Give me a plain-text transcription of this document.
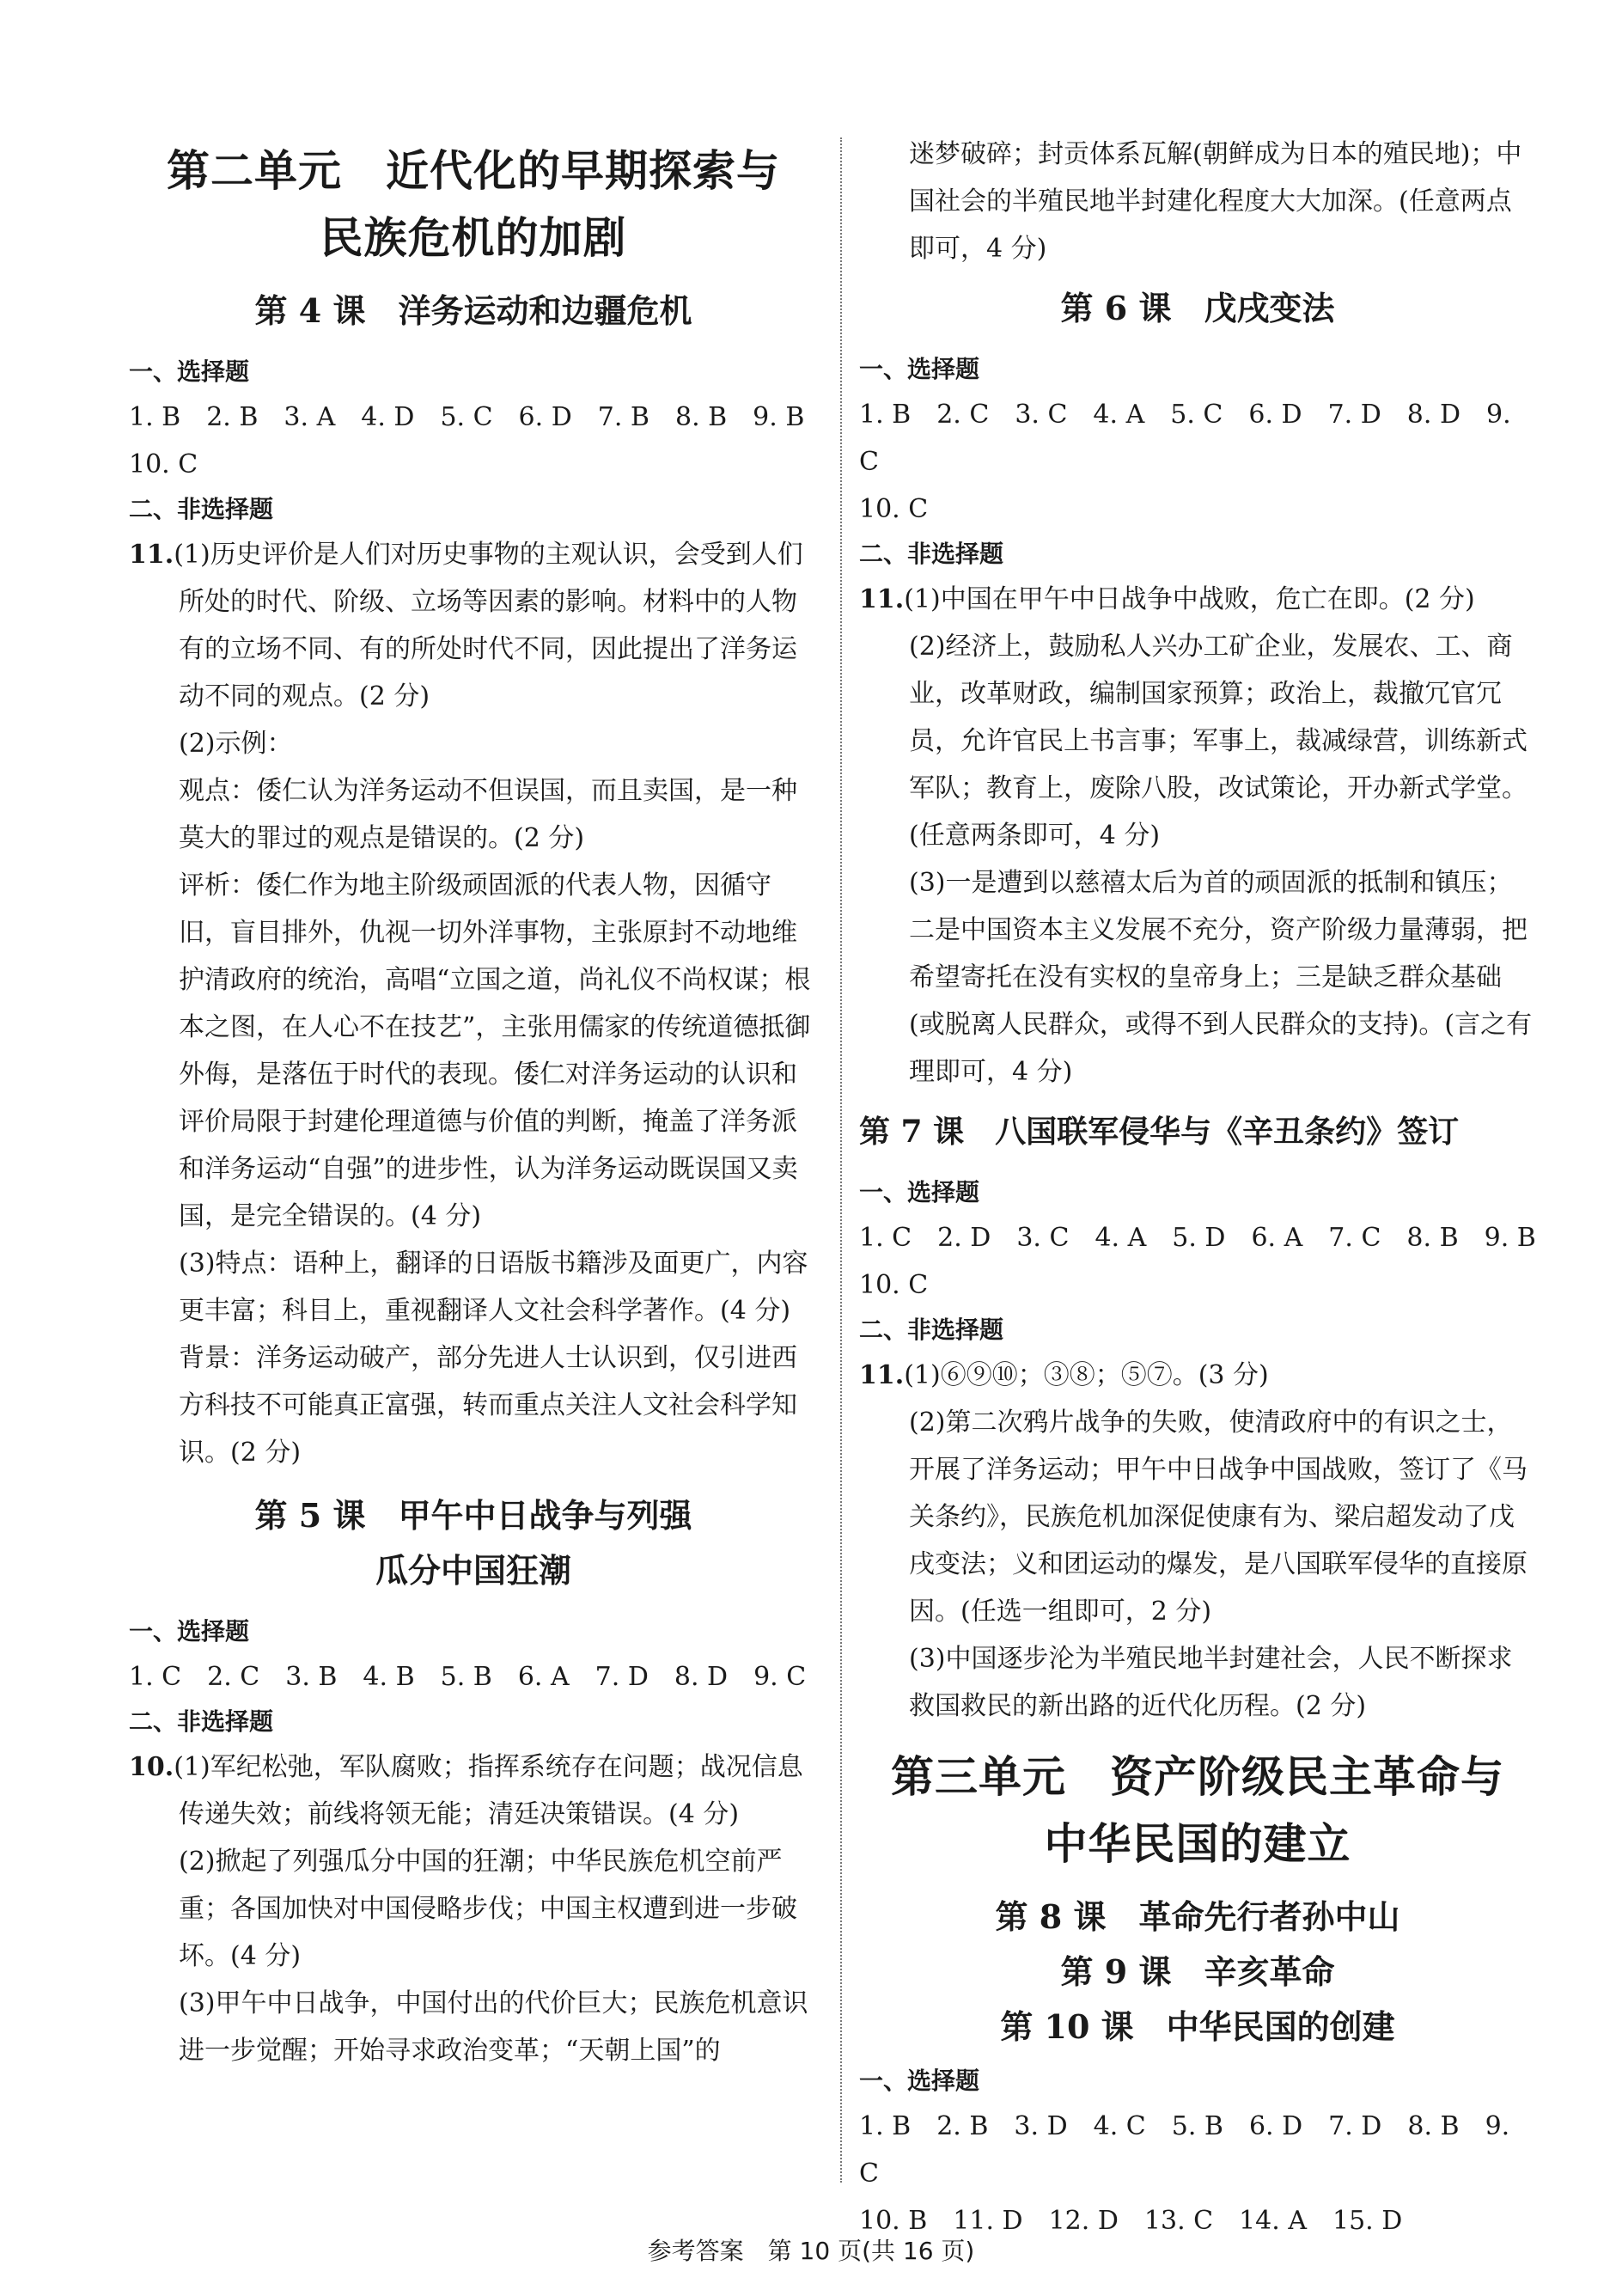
第二单元　近代化的早期探索与
民族危机的加剧
第 4 课　洋务运动和边疆危机
一、选择题
1. B　2. B　3. A　4. D　5. C　6. D　7. B　8. B　9. B
10. C
二、非选择题
11.(1)历史评价是人们对历史事物的主观认识，会受到人们所处的时代、阶级、立场等因素的影响。材料中的人物有的立场不同、有的所处时代不同，因此提出了洋务运动不同的观点。(2 分)
(2)示例：
观点：倭仁认为洋务运动不但误国，而且卖国，是一种莫大的罪过的观点是错误的。(2 分)
评析：倭仁作为地主阶级顽固派的代表人物，因循守旧，盲目排外，仇视一切外洋事物，主张原封不动地维护清政府的统治，高唱“立国之道，尚礼仪不尚权谋；根本之图，在人心不在技艺”，主张用儒家的传统道德抵御外侮，是落伍于时代的表现。倭仁对洋务运动的认识和评价局限于封建伦理道德与价值的判断，掩盖了洋务派和洋务运动“自强”的进步性，认为洋务运动既误国又卖国，是完全错误的。(4 分)
(3)特点：语种上，翻译的日语版书籍涉及面更广，内容更丰富；科目上，重视翻译人文社会科学著作。(4 分)
背景：洋务运动破产，部分先进人士认识到，仅引进西方科技不可能真正富强，转而重点关注人文社会科学知识。(2 分)
第 5 课　甲午中日战争与列强
瓜分中国狂潮
一、选择题
1. C　2. C　3. B　4. B　5. B　6. A　7. D　8. D　9. C
二、非选择题
10.(1)军纪松弛，军队腐败；指挥系统存在问题；战况信息传递失效；前线将领无能；清廷决策错误。(4 分)
(2)掀起了列强瓜分中国的狂潮；中华民族危机空前严重；各国加快对中国侵略步伐；中国主权遭到进一步破坏。(4 分)
(3)甲午中日战争，中国付出的代价巨大；民族危机意识进一步觉醒；开始寻求政治变革；“天朝上国”的
迷梦破碎；封贡体系瓦解(朝鲜成为日本的殖民地)；中国社会的半殖民地半封建化程度大大加深。(任意两点即可，4 分)
第 6 课　戊戌变法
一、选择题
1. B　2. C　3. C　4. A　5. C　6. D　7. D　8. D　9. C
10. C
二、非选择题
11.(1)中国在甲午中日战争中战败，危亡在即。(2 分)
(2)经济上，鼓励私人兴办工矿企业，发展农、工、商业，改革财政，编制国家预算；政治上，裁撤冗官冗员，允许官民上书言事；军事上，裁减绿营，训练新式军队；教育上，废除八股，改试策论，开办新式学堂。(任意两条即可，4 分)
(3)一是遭到以慈禧太后为首的顽固派的抵制和镇压；二是中国资本主义发展不充分，资产阶级力量薄弱，把希望寄托在没有实权的皇帝身上；三是缺乏群众基础(或脱离人民群众，或得不到人民群众的支持)。(言之有理即可，4 分)
第 7 课　八国联军侵华与《辛丑条约》签订
一、选择题
1. C　2. D　3. C　4. A　5. D　6. A　7. C　8. B　9. B
10. C
二、非选择题
11.(1)⑥⑨⑩；③⑧；⑤⑦。(3 分)
(2)第二次鸦片战争的失败，使清政府中的有识之士，开展了洋务运动；甲午中日战争中国战败，签订了《马关条约》，民族危机加深促使康有为、梁启超发动了戊戌变法；义和团运动的爆发，是八国联军侵华的直接原因。(任选一组即可，2 分)
(3)中国逐步沦为半殖民地半封建社会，人民不断探求救国救民的新出路的近代化历程。(2 分)
第三单元　资产阶级民主革命与
中华民国的建立
第 8 课　革命先行者孙中山
第 9 课　辛亥革命
第 10 课　中华民国的创建
一、选择题
1. B　2. B　3. D　4. C　5. B　6. D　7. D　8. B　9. C
10. B　11. D　12. D　13. C　14. A　15. D
参考答案　第 10 页(共 16 页)
